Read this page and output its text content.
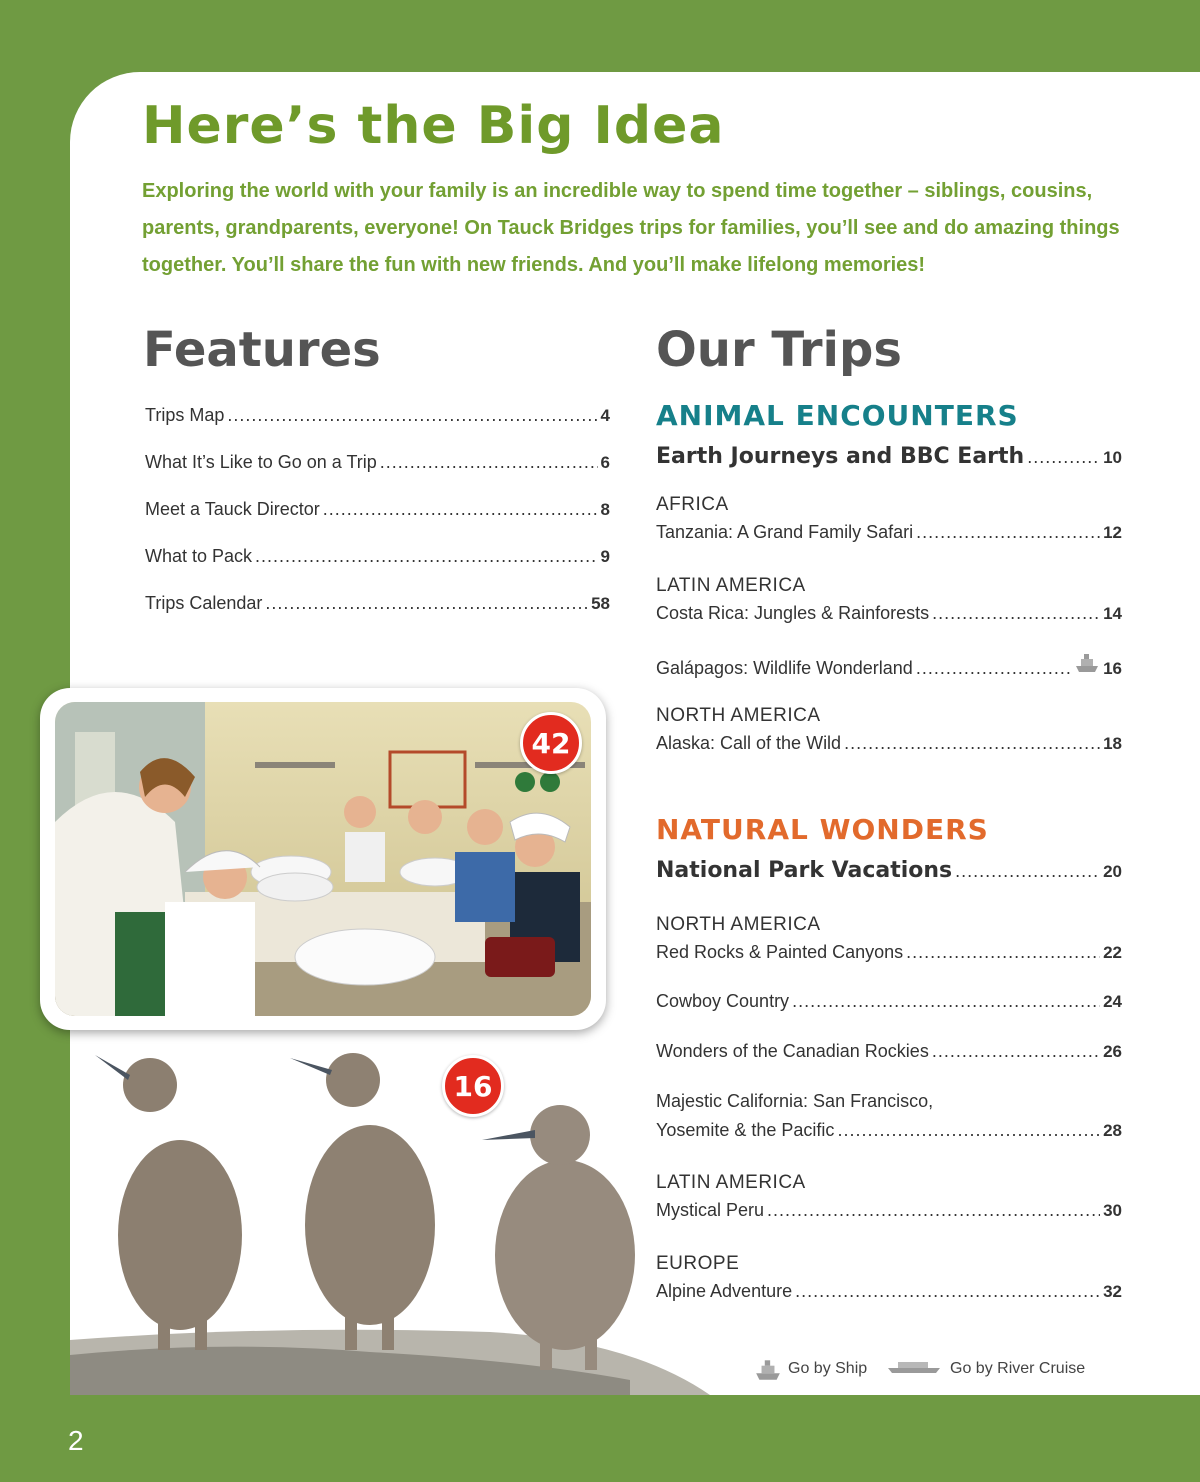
Here’s the Big Idea

Exploring the world with your family is an incredible way to spend time together – siblings, cousins, parents, grandparents, everyone! On Tauck Bridges trips for families, you’ll see and do amazing things together. You’ll share the fun with new friends. And you’ll make lifelong memories!

Features	Our Trips
Trips Map .....	4
What It’s Like to Go on a Trip .....	6
Meet a Tauck Director .....	8
What to Pack .....	9
Trips Calendar .....	58
ANIMAL ENCOUNTERS
Earth Journeys and BBC Earth .....	10

AFRICA

Tanzania: A Grand Family Safari .....	12

LATIN AMERICA

Costa Rica: Jungles & Rainforests .....	14
Galápagos: Wildlife Wonderland .....	16

NORTH AMERICA

Alaska: Call of the Wild .....	18
NATURAL WONDERS
National Park Vacations .....	20

NORTH AMERICA

Red Rocks & Painted Canyons .....	22
Cowboy Country .....	24
Wonders of the Canadian Rockies .....	26

Majestic California: San Francisco,

Yosemite & the Pacific .....	28

LATIN AMERICA

Mystical Peru .....	30

EUROPE

Alpine Adventure .....	32
42
16
Go by Ship	Go by River Cruise

2
